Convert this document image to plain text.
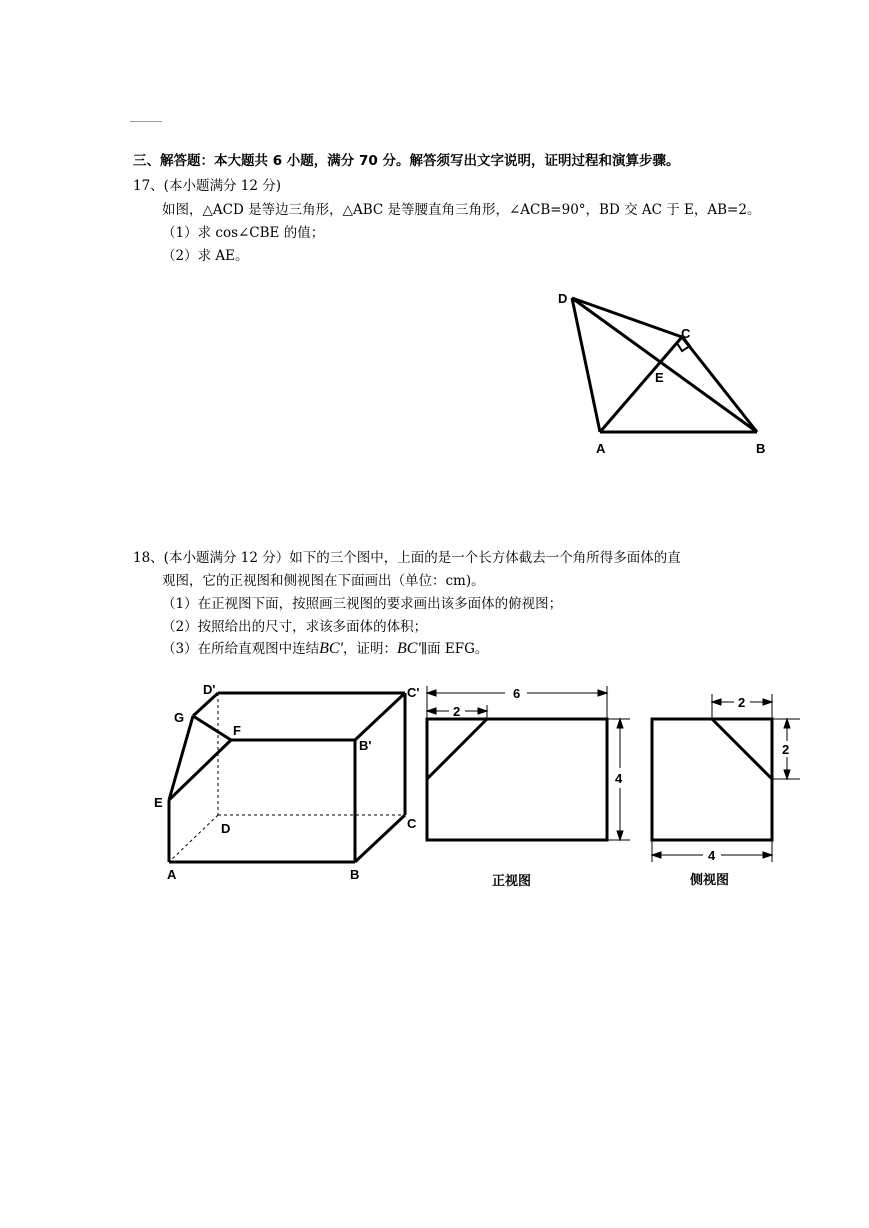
三、解答题：本大题共 6 小题，满分 70 分。解答须写出文字说明，证明过程和演算步骤。
17、(本小题满分 12 分)
如图，△ACD 是等边三角形，△ABC 是等腰直角三角形，∠ACB=90°，BD 交 AC 于 E，AB=2。
（1）求 cos∠CBE 的值；
（2）求 AE。
D
C
E
A	B
18、(本小题满分 12 分）如下的三个图中，上面的是一个长方体截去一个角所得多面体的直
观图，它的正视图和侧视图在下面画出（单位：cm)。
（1）在正视图下面，按照画三视图的要求画出该多面体的俯视图；
（2）按照给出的尺寸，求该多面体的体积；
（3）在所给直观图中连结BC'，证明：BC'∥面 EFG。
D'	C'
G
F
B'
E
D	C
A	B
6
2
4
正视图
2
2
4
侧视图
